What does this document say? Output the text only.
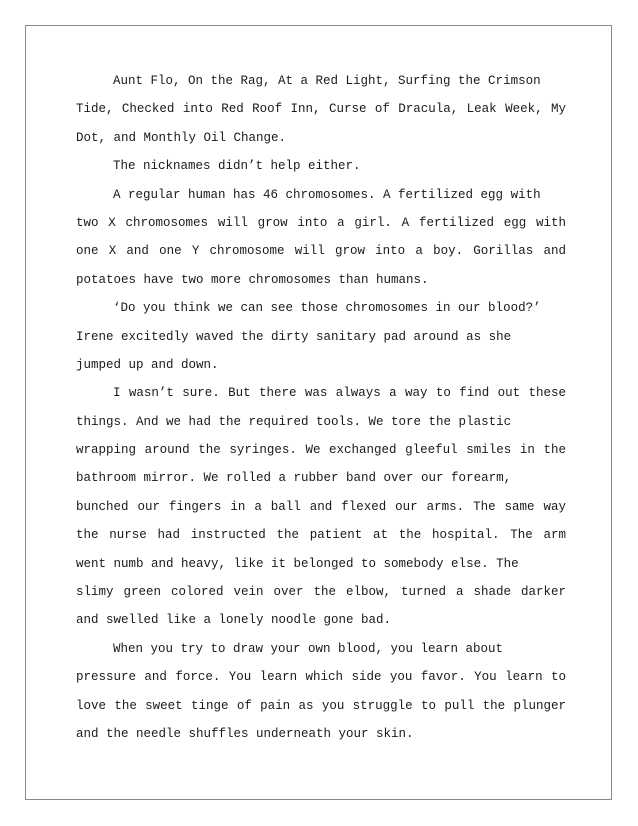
Aunt Flo, On the Rag, At a Red Light, Surfing the Crimson
Tide, Checked into Red Roof Inn, Curse of Dracula, Leak Week, My
Dot, and Monthly Oil Change.
The nicknames didn’t help either.
A regular human has 46 chromosomes. A fertilized egg with
two X chromosomes will grow into a girl. A fertilized egg with
one X and one Y chromosome will grow into a boy. Gorillas and
potatoes have two more chromosomes than humans.
‘Do you think we can see those chromosomes in our blood?’
Irene excitedly waved the dirty sanitary pad around as she
jumped up and down.
I wasn’t sure. But there was always a way to find out these
things. And we had the required tools. We tore the plastic
wrapping around the syringes. We exchanged gleeful smiles in the
bathroom mirror. We rolled a rubber band over our forearm,
bunched our fingers in a ball and flexed our arms. The same way
the nurse had instructed the patient at the hospital. The arm
went numb and heavy, like it belonged to somebody else. The
slimy green colored vein over the elbow, turned a shade darker
and swelled like a lonely noodle gone bad.
When you try to draw your own blood, you learn about
pressure and force. You learn which side you favor. You learn to
love the sweet tinge of pain as you struggle to pull the plunger
and the needle shuffles underneath your skin.
